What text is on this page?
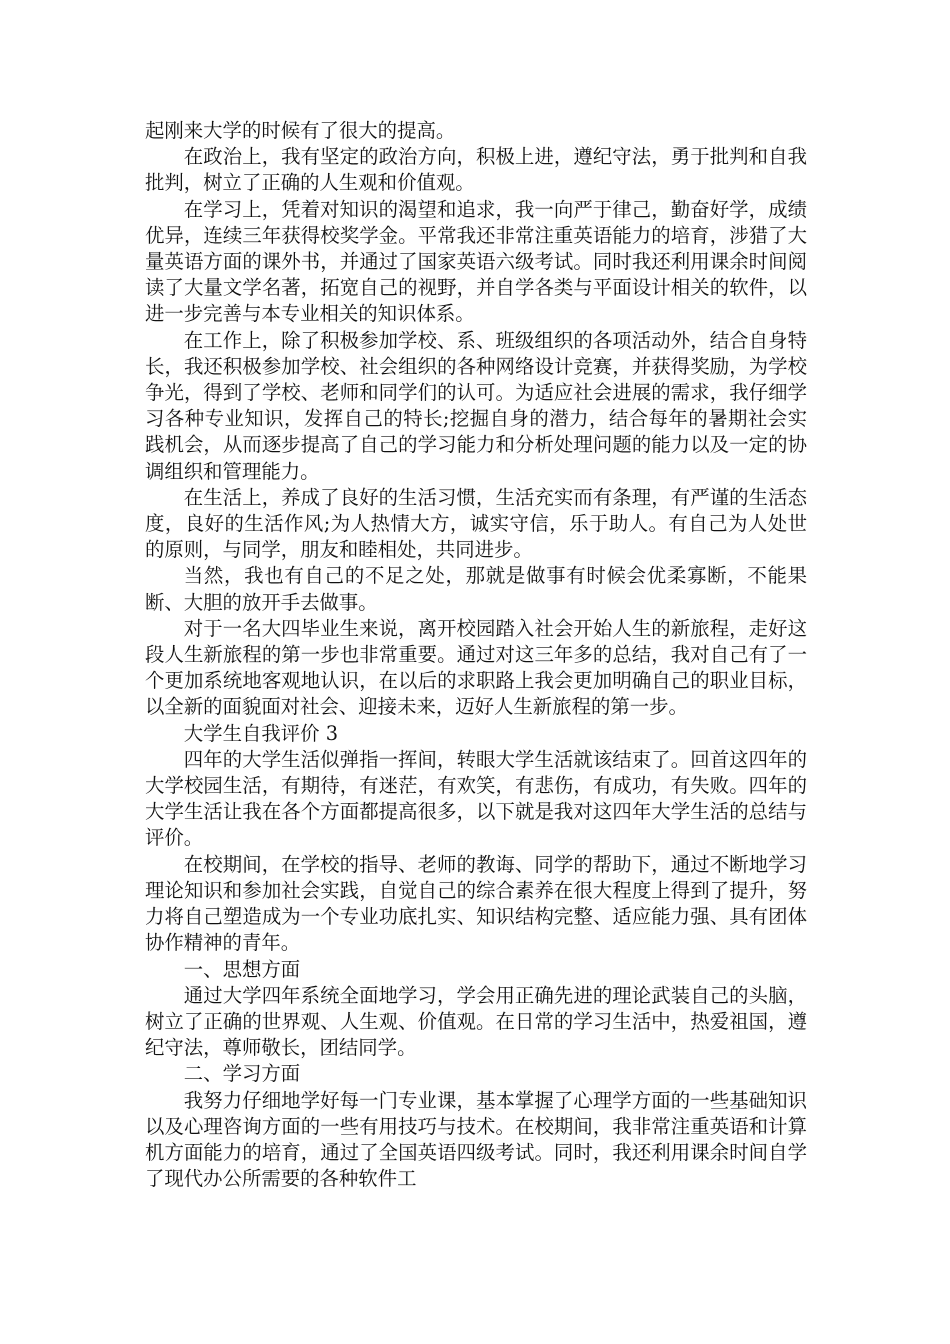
起刚来大学的时候有了很大的提高。

在政治上，我有坚定的政治方向，积极上进，遵纪守法，勇于批判和自我批判，树立了正确的人生观和价值观。

在学习上，凭着对知识的渴望和追求，我一向严于律己，勤奋好学，成绩优异，连续三年获得校奖学金。平常我还非常注重英语能力的培育，涉猎了大量英语方面的课外书，并通过了国家英语六级考试。同时我还利用课余时间阅读了大量文学名著，拓宽自己的视野，并自学各类与平面设计相关的软件，以进一步完善与本专业相关的知识体系。

在工作上，除了积极参加学校、系、班级组织的各项活动外，结合自身特长，我还积极参加学校、社会组织的各种网络设计竞赛，并获得奖励，为学校争光，得到了学校、老师和同学们的认可。为适应社会进展的需求，我仔细学习各种专业知识，发挥自己的特长;挖掘自身的潜力，结合每年的暑期社会实践机会，从而逐步提高了自己的学习能力和分析处理问题的能力以及一定的协调组织和管理能力。

在生活上，养成了良好的生活习惯，生活充实而有条理，有严谨的生活态度，良好的生活作风;为人热情大方，诚实守信，乐于助人。有自己为人处世的原则，与同学，朋友和睦相处，共同进步。

当然，我也有自己的不足之处，那就是做事有时候会优柔寡断，不能果断、大胆的放开手去做事。

对于一名大四毕业生来说，离开校园踏入社会开始人生的新旅程，走好这段人生新旅程的第一步也非常重要。通过对这三年多的总结，我对自己有了一个更加系统地客观地认识，在以后的求职路上我会更加明确自己的职业目标，以全新的面貌面对社会、迎接未来，迈好人生新旅程的第一步。

大学生自我评价 3

四年的大学生活似弹指一挥间，转眼大学生活就该结束了。回首这四年的大学校园生活，有期待，有迷茫，有欢笑，有悲伤，有成功，有失败。四年的大学生活让我在各个方面都提高很多，以下就是我对这四年大学生活的总结与评价。

在校期间，在学校的指导、老师的教诲、同学的帮助下，通过不断地学习理论知识和参加社会实践，自觉自己的综合素养在很大程度上得到了提升，努力将自己塑造成为一个专业功底扎实、知识结构完整、适应能力强、具有团体协作精神的青年。

一、思想方面

通过大学四年系统全面地学习，学会用正确先进的理论武装自己的头脑，树立了正确的世界观、人生观、价值观。在日常的学习生活中，热爱祖国，遵纪守法，尊师敬长，团结同学。

二、学习方面

我努力仔细地学好每一门专业课，基本掌握了心理学方面的一些基础知识以及心理咨询方面的一些有用技巧与技术。在校期间，我非常注重英语和计算机方面能力的培育，通过了全国英语四级考试。同时，我还利用课余时间自学了现代办公所需要的各种软件工
